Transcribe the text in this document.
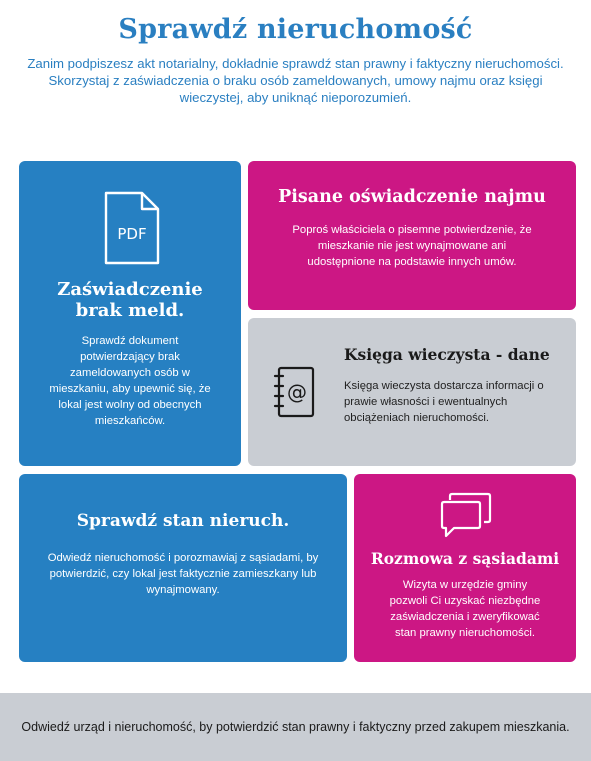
Sprawdź nieruchomość

Zanim podpiszesz akt notarialny, dokładnie sprawdź stan prawny i faktyczny nieruchomości. Skorzystaj z zaświadczenia o braku osób zameldowanych, umowy najmu oraz księgi wieczystej, aby uniknąć nieporozumień.

PDF
Zaświadczenie
brak meld.

Sprawdź dokument potwierdzający brak zameldowanych osób w mieszkaniu, aby upewnić się, że lokal jest wolny od obecnych mieszkańców.

Pisane oświadczenie najmu

Poproś właściciela o pisemne potwierdzenie, że mieszkanie nie jest wynajmowane ani udostępnione na podstawie innych umów.

@
Księga wieczysta - dane

Księga wieczysta dostarcza informacji o prawie własności i ewentualnych obciążeniach nieruchomości.

Sprawdź stan nieruch.

Odwiedź nieruchomość i porozmawiaj z sąsiadami, by potwierdzić, czy lokal jest faktycznie zamieszkany lub wynajmowany.

Rozmowa z sąsiadami

Wizyta w urzędzie gminy pozwoli Ci uzyskać niezbędne zaświadczenia i zweryfikować stan prawny nieruchomości.

Odwiedź urząd i nieruchomość, by potwierdzić stan prawny i faktyczny przed zakupem mieszkania.
